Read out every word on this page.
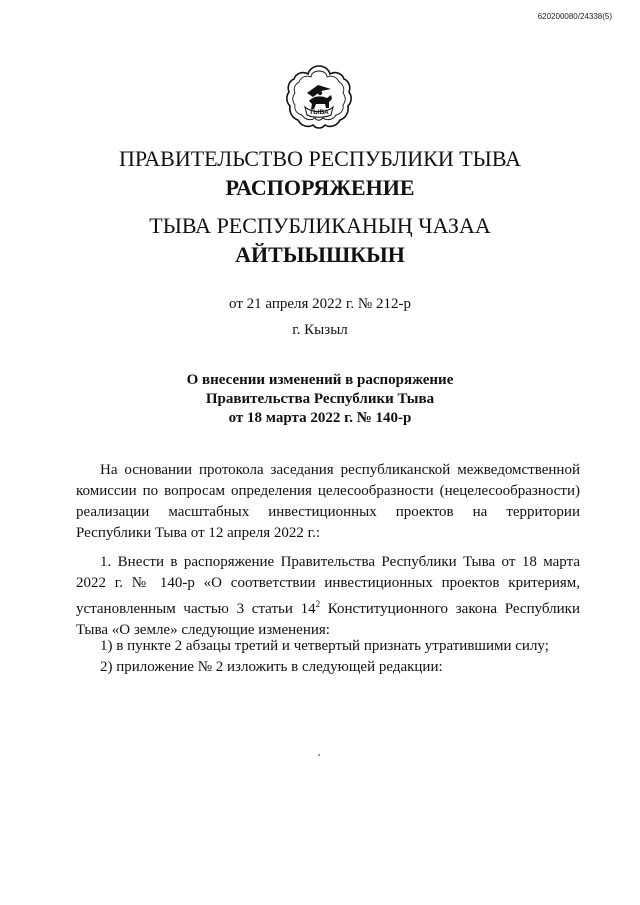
620200080/24338(5)
ТЫВА
ПРАВИТЕЛЬСТВО РЕСПУБЛИКИ ТЫВА
РАСПОРЯЖЕНИЕ
ТЫВА РЕСПУБЛИКАНЫҢ ЧАЗАА
АЙТЫЫШКЫН
от 21 апреля 2022 г. № 212-р
г. Кызыл
О внесении изменений в распоряжение
Правительства Республики Тыва
от 18 марта 2022 г. № 140-р
На основании протокола заседания республиканской межведомственной комиссии по вопросам определения целесообразности (нецелесообразности) реализации масштабных инвестиционных проектов на территории Республики Тыва от 12 апреля 2022 г.:
1. Внести в распоряжение Правительства Республики Тыва от 18 марта 2022 г. № 140-р «О соответствии инвестиционных проектов критериям, установленным частью 3 статьи $14^2$ Конституционного закона Республики Тыва «О земле» следующие изменения:
1) в пункте 2 абзацы третий и четвертый признать утратившими силу;
2) приложение № 2 изложить в следующей редакции:
